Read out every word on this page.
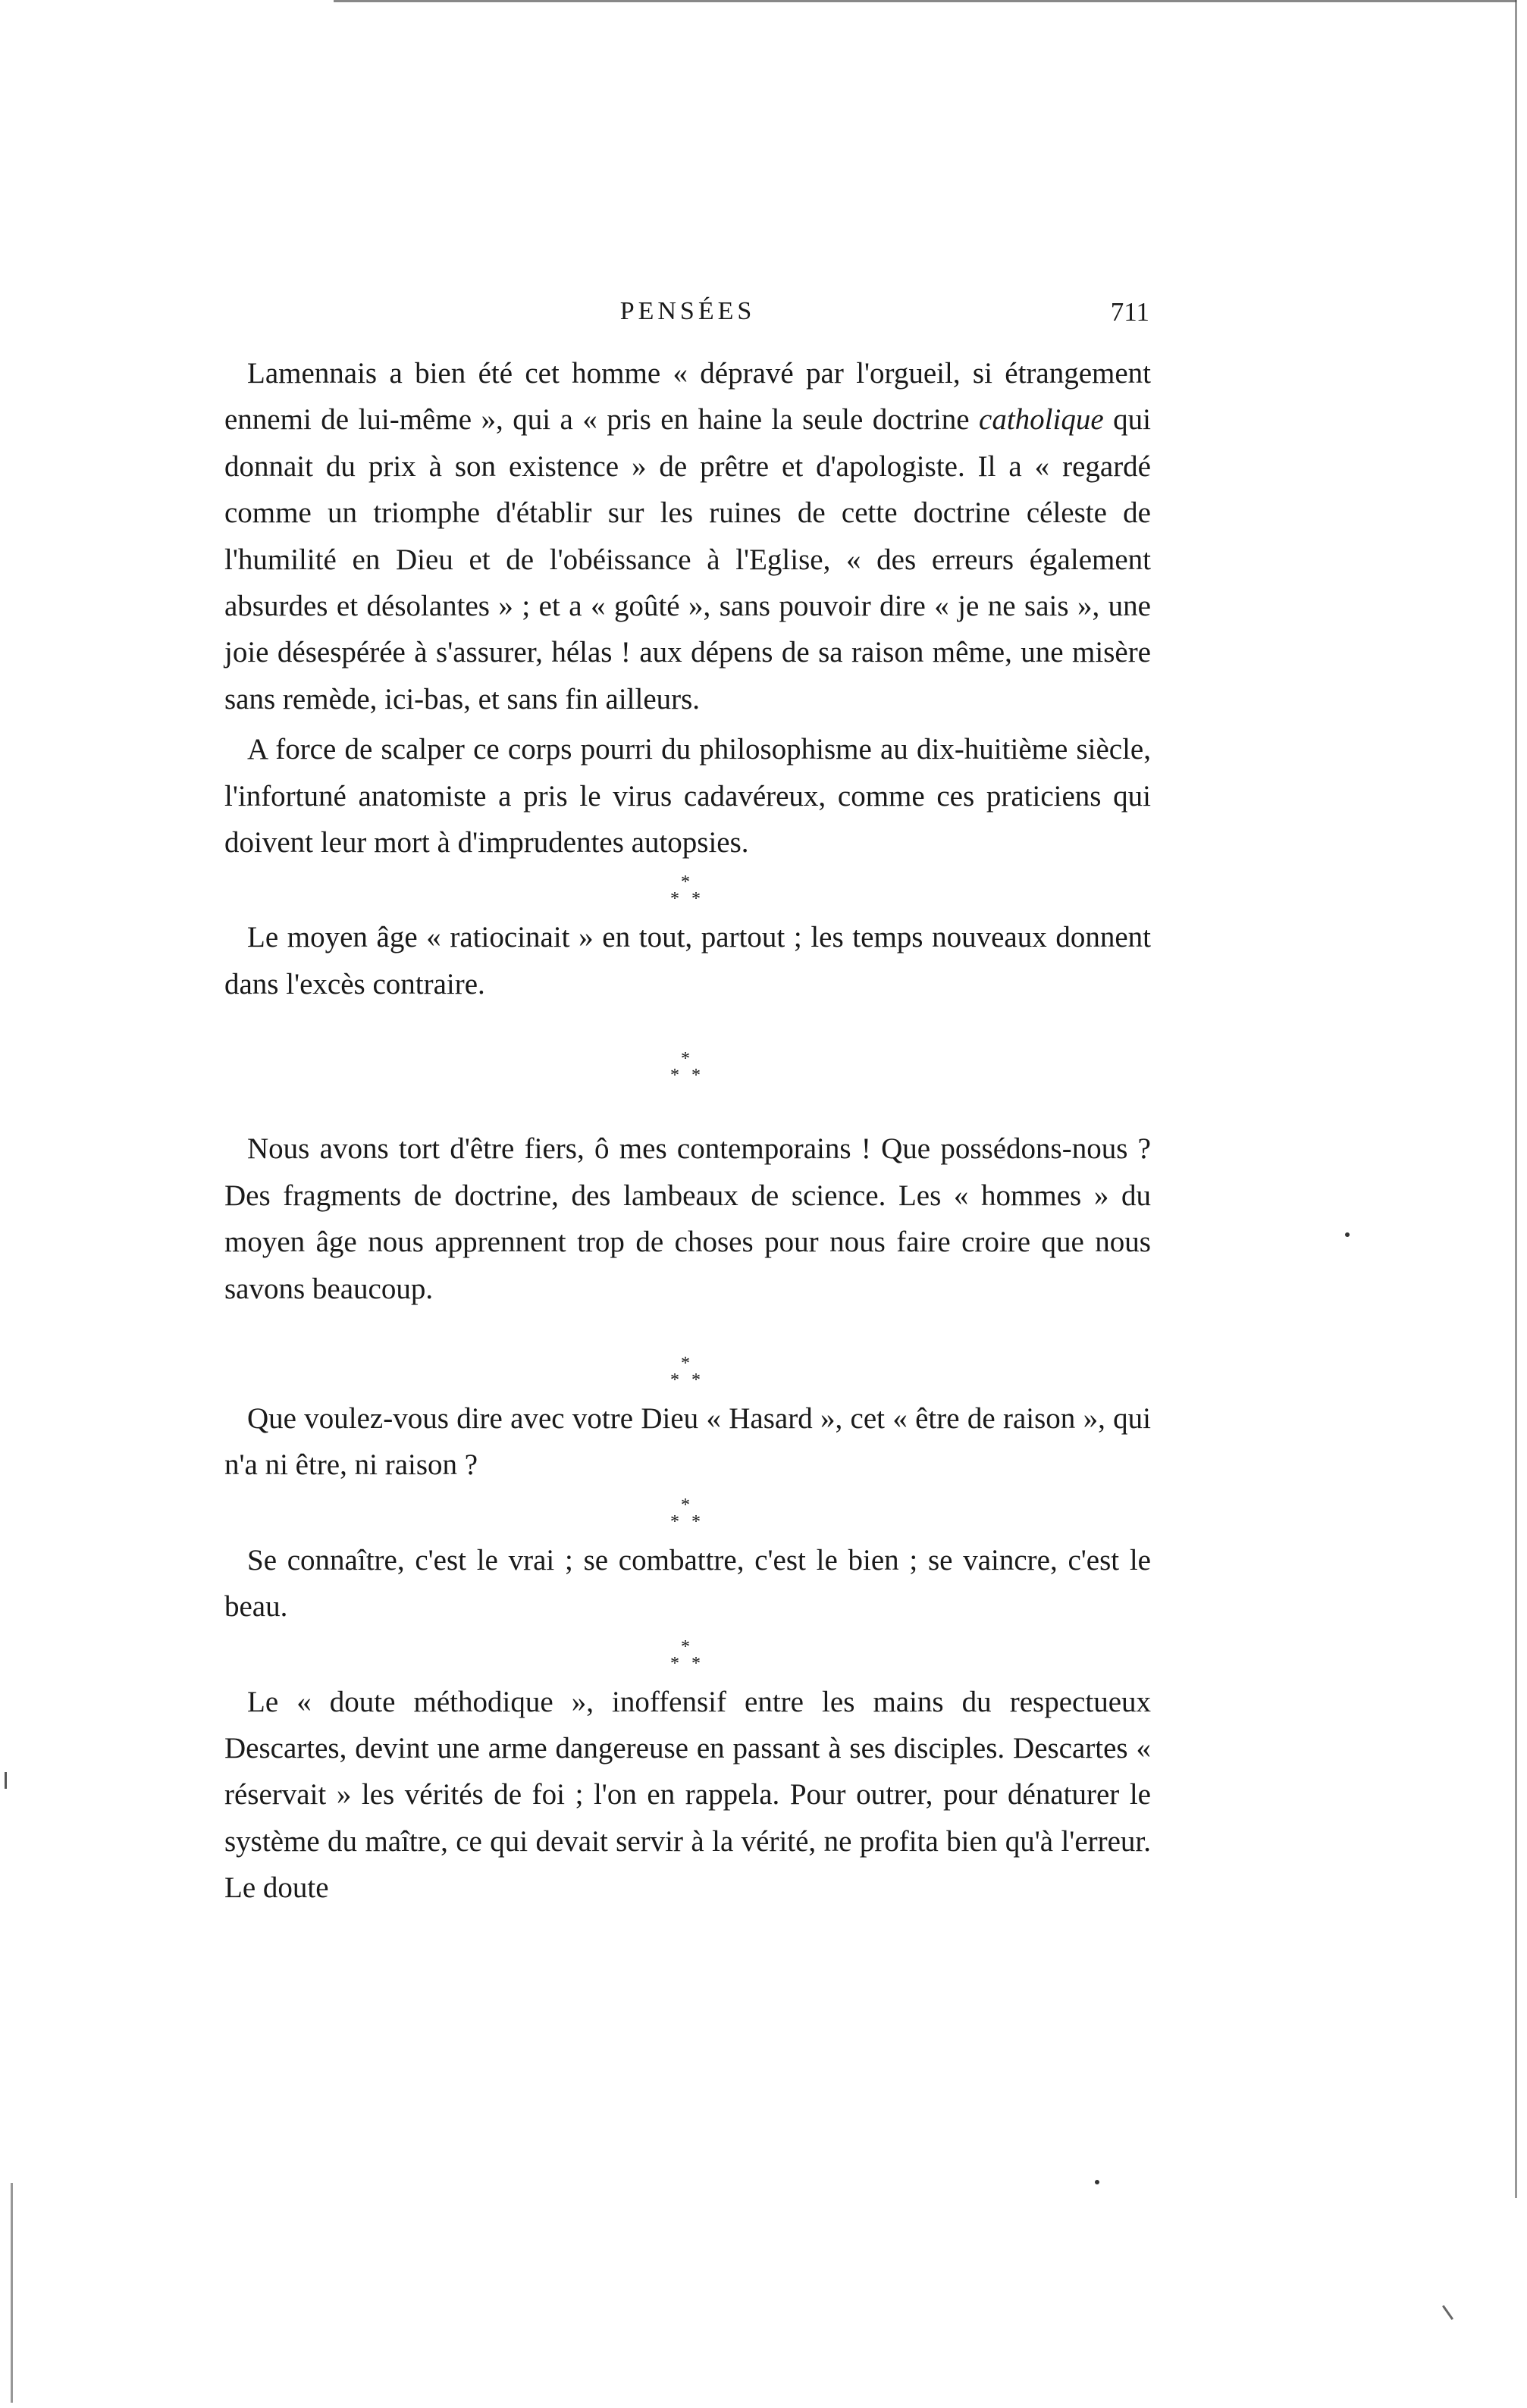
PENSÉES	711

Lamennais a bien été cet homme « dépravé par l'orgueil, si étrangement ennemi de lui-même », qui a « pris en haine la seule doctrine catholique qui donnait du prix à son existence » de prêtre et d'apologiste. Il a « regardé comme un triomphe d'établir sur les ruines de cette doctrine céleste de l'humilité en Dieu et de l'obéissance à l'Eglise, « des erreurs également absurdes et désolantes » ; et a « goûté », sans pouvoir dire « je ne sais », une joie désespérée à s'assurer, hélas ! aux dépens de sa raison même, une misère sans remède, ici-bas, et sans fin ailleurs.

A force de scalper ce corps pourri du philosophisme au dix-huitième siècle, l'infortuné anatomiste a pris le virus cadavéreux, comme ces praticiens qui doivent leur mort à d'imprudentes autopsies.

*
* *

Le moyen âge « ratiocinait » en tout, partout ; les temps nouveaux donnent dans l'excès contraire.

*
* *

Nous avons tort d'être fiers, ô mes contemporains ! Que possédons-nous ? Des fragments de doctrine, des lambeaux de science. Les « hommes » du moyen âge nous apprennent trop de choses pour nous faire croire que nous savons beaucoup.

*
* *

Que voulez-vous dire avec votre Dieu « Hasard », cet « être de raison », qui n'a ni être, ni raison ?

*
* *

Se connaître, c'est le vrai ; se combattre, c'est le bien ; se vaincre, c'est le beau.

*
* *

Le « doute méthodique », inoffensif entre les mains du respectueux Descartes, devint une arme dangereuse en passant à ses disciples. Descartes « réservait » les vérités de foi ; l'on en rappela. Pour outrer, pour dénaturer le système du maître, ce qui devait servir à la vérité, ne profita bien qu'à l'erreur. Le doute
